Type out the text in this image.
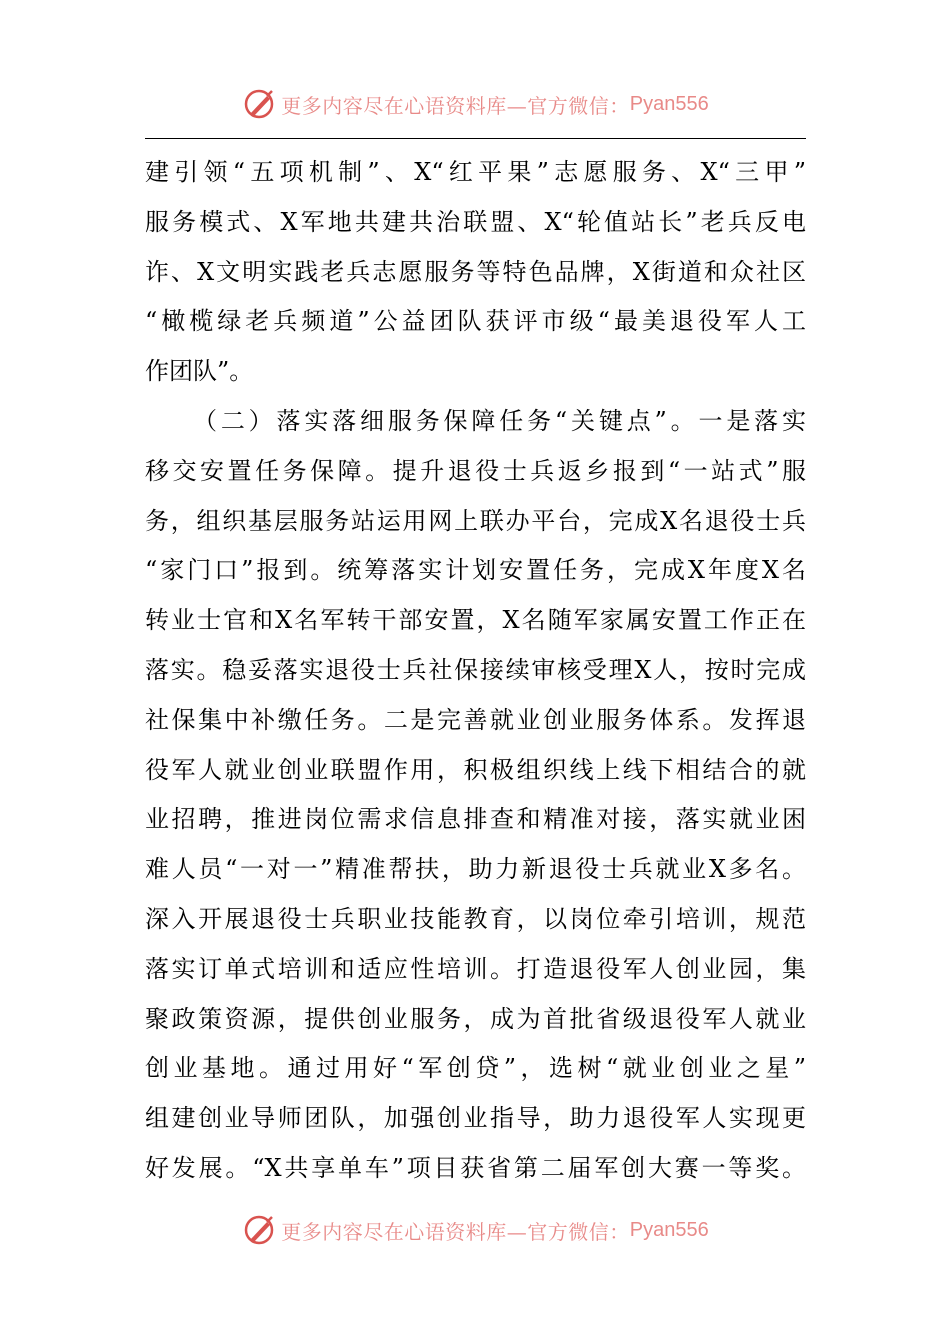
更多内容尽在心语资料库—官方微信： Pyan556
建引领“五项机制”、X“红平果”志愿服务、X“三甲”
服务模式、X军地共建共治联盟、X“轮值站长”老兵反电
诈、X文明实践老兵志愿服务等特色品牌，X街道和众社区
“橄榄绿老兵频道”公益团队获评市级“最美退役军人工
作团队”。
（二）落实落细服务保障任务“关键点”。一是落实
移交安置任务保障。提升退役士兵返乡报到“一站式”服
务，组织基层服务站运用网上联办平台，完成X名退役士兵
“家门口”报到。统筹落实计划安置任务，完成X年度X名
转业士官和X名军转干部安置，X名随军家属安置工作正在
落实。稳妥落实退役士兵社保接续审核受理X人，按时完成
社保集中补缴任务。二是完善就业创业服务体系。发挥退
役军人就业创业联盟作用，积极组织线上线下相结合的就
业招聘，推进岗位需求信息排查和精准对接，落实就业困
难人员“一对一”精准帮扶，助力新退役士兵就业X多名。
深入开展退役士兵职业技能教育，以岗位牵引培训，规范
落实订单式培训和适应性培训。打造退役军人创业园，集
聚政策资源，提供创业服务，成为首批省级退役军人就业
创业基地。通过用好“军创贷”，选树“就业创业之星”
组建创业导师团队，加强创业指导，助力退役军人实现更
好发展。“X共享单车”项目获省第二届军创大赛一等奖。
更多内容尽在心语资料库—官方微信： Pyan556
